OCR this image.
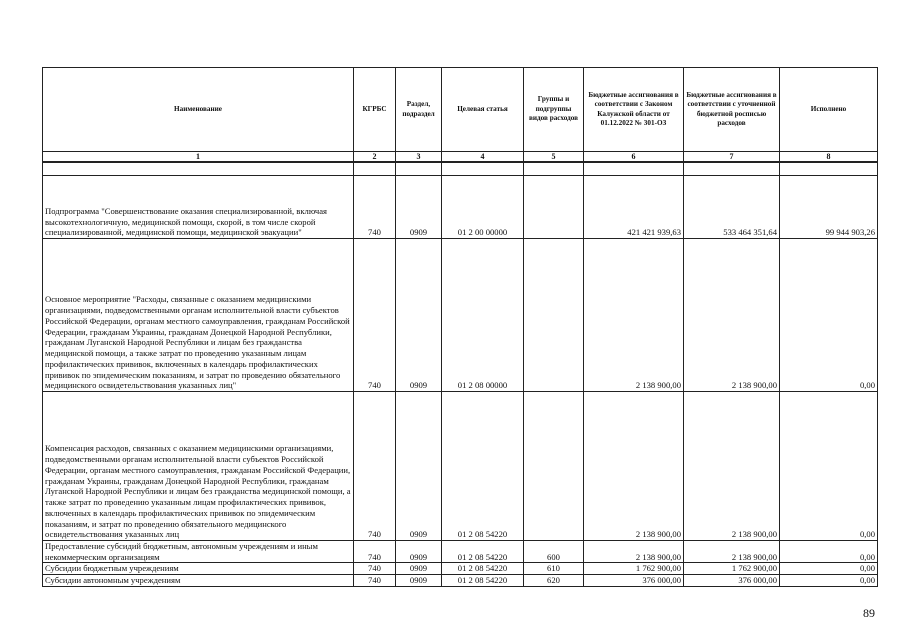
Наименование	КГРБС	Раздел, подраздел	Целевая статья	Группы и подгруппы видов расходов	Бюджетные ассигнования в соответствии с Законом Калужской области от 01.12.2022 № 301-ОЗ	Бюджетные ассигнования в соответствии с уточненной бюджетной росписью расходов	Исполнено
1	2	3	4	5	6	7	8

Подпрограмма "Совершенствование оказания специализированной, включая высокотехнологичную, медицинской помощи, скорой, в том числе скорой специализированной, медицинской помощи, медицинской эвакуации"	740	0909	01 2 00 00000		421 421 939,63	533 464 351,64	99 944 903,26
Основное мероприятие "Расходы, связанные с оказанием медицинскими организациями, подведомственными органам исполнительной власти субъектов Российской Федерации, органам местного самоуправления, гражданам Российской Федерации, гражданам Украины, гражданам Донецкой Народной Республики, гражданам Луганской Народной Республики и лицам без гражданства медицинской помощи, а также затрат по проведению указанным лицам профилактических прививок, включенных в календарь профилактических прививок по эпидемическим показаниям, и затрат по проведению обязательного медицинского освидетельствования указанных лиц"	740	0909	01 2 08 00000		2 138 900,00	2 138 900,00	0,00
Компенсация расходов, связанных с оказанием медицинскими организациями, подведомственными органам исполнительной власти субъектов Российской Федерации, органам местного самоуправления, гражданам Российской Федерации, гражданам Украины, гражданам Донецкой Народной Республики, гражданам Луганской Народной Республики и лицам без гражданства медицинской помощи, а также затрат по проведению указанным лицам профилактических прививок, включенных в календарь профилактических прививок по эпидемическим показаниям, и затрат по проведению обязательного медицинского освидетельствования указанных лиц	740	0909	01 2 08 54220		2 138 900,00	2 138 900,00	0,00
Предоставление субсидий бюджетным, автономным учреждениям и иным некоммерческим организациям	740	0909	01 2 08 54220	600	2 138 900,00	2 138 900,00	0,00
Субсидии бюджетным учреждениям	740	0909	01 2 08 54220	610	1 762 900,00	1 762 900,00	0,00
Субсидии автономным учреждениям	740	0909	01 2 08 54220	620	376 000,00	376 000,00	0,00
89
